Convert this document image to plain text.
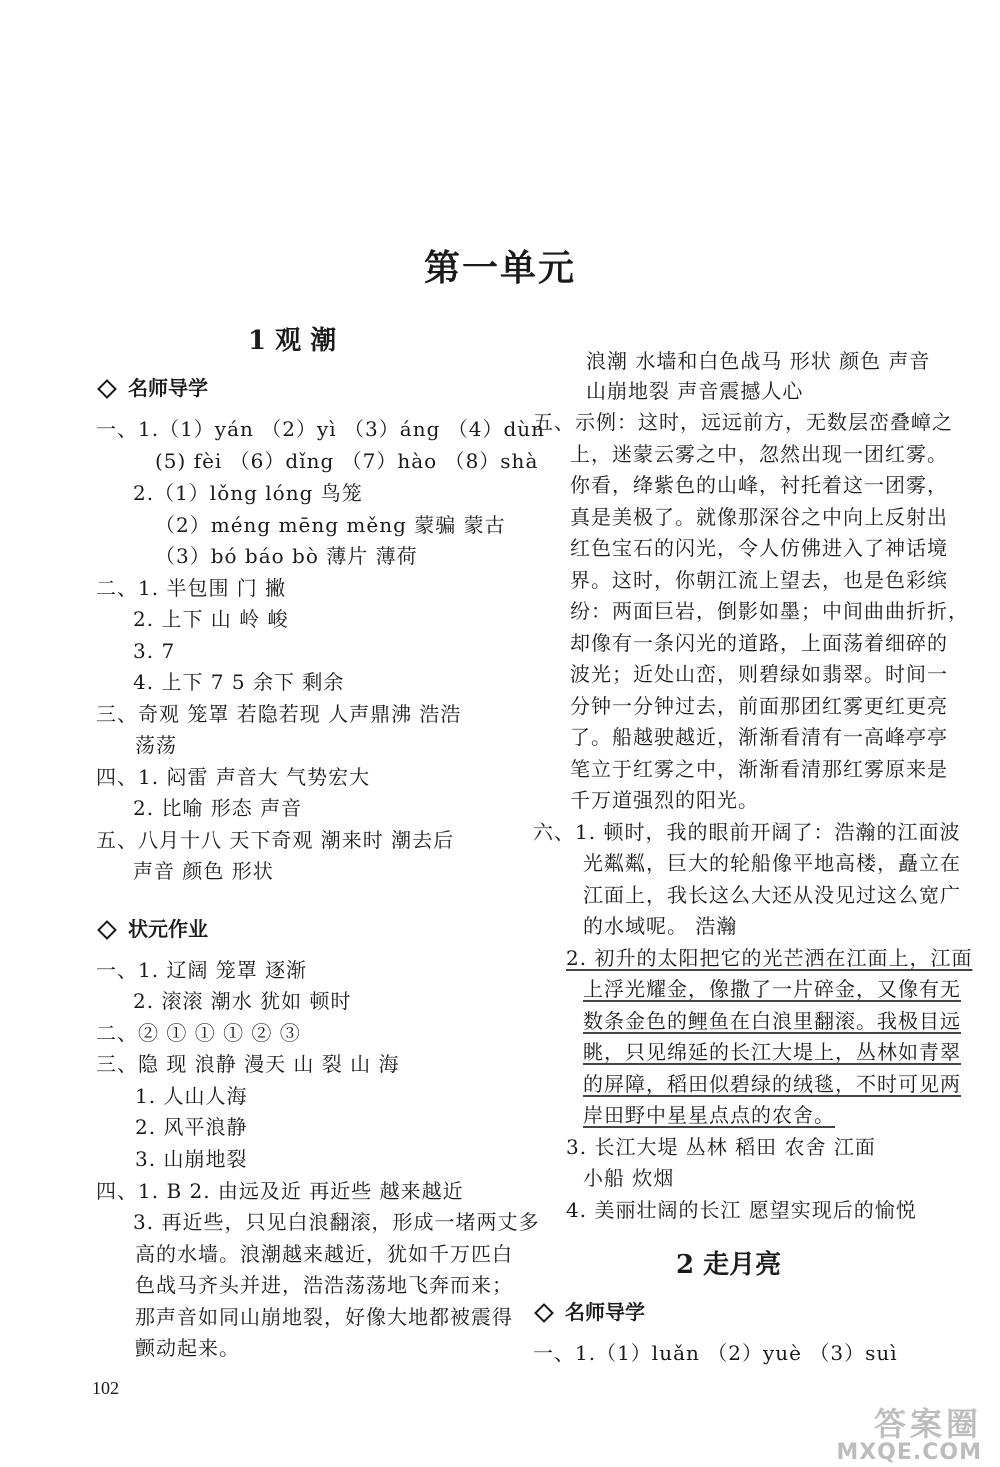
第一单元
1 观 潮
名师导学
一、1.（1）yán （2）yì （3）áng （4）dùn
(5) fèi （6）dǐng （7）hào （8）shà
2.（1）lǒng lóng 鸟笼
（2）méng mēng měng 蒙骗 蒙古
（3）bó báo bò 薄片 薄荷
二、1. 半包围 门 撇
2. 上下 山 岭 峻
3. 7
4. 上下 7 5 余下 剩余
三、奇观 笼罩 若隐若现 人声鼎沸 浩浩
荡荡
四、1. 闷雷 声音大 气势宏大
2. 比喻 形态 声音
五、八月十八 天下奇观 潮来时 潮去后
声音 颜色 形状
状元作业
一、1. 辽阔 笼罩 逐渐
2. 滚滚 潮水 犹如 顿时
二、② ① ① ① ② ③
三、隐 现 浪静 漫天 山 裂 山 海
1. 人山人海
2. 风平浪静
3. 山崩地裂
四、1. B 2. 由远及近 再近些 越来越近
3. 再近些，只见白浪翻滚，形成一堵两丈多
高的水墙。浪潮越来越近，犹如千万匹白
色战马齐头并进，浩浩荡荡地飞奔而来；
那声音如同山崩地裂，好像大地都被震得
颤动起来。
102
浪潮 水墙和白色战马 形状 颜色 声音
山崩地裂 声音震撼人心
五、示例：这时，远远前方，无数层峦叠嶂之
上，迷蒙云雾之中，忽然出现一团红雾。
你看，绛紫色的山峰，衬托着这一团雾，
真是美极了。就像那深谷之中向上反射出
红色宝石的闪光，令人仿佛进入了神话境
界。这时，你朝江流上望去，也是色彩缤
纷：两面巨岩，倒影如墨；中间曲曲折折，
却像有一条闪光的道路，上面荡着细碎的
波光；近处山峦，则碧绿如翡翠。时间一
分钟一分钟过去，前面那团红雾更红更亮
了。船越驶越近，渐渐看清有一高峰亭亭
笔立于红雾之中，渐渐看清那红雾原来是
千万道强烈的阳光。
六、1. 顿时，我的眼前开阔了：浩瀚的江面波
光粼粼，巨大的轮船像平地高楼，矗立在
江面上，我长这么大还从没见过这么宽广
的水域呢。 浩瀚
2. 初升的太阳把它的光芒洒在江面上，江面
上浮光耀金，像撒了一片碎金，又像有无
数条金色的鲤鱼在白浪里翻滚。我极目远
眺，只见绵延的长江大堤上，丛林如青翠
的屏障，稻田似碧绿的绒毯，不时可见两
岸田野中星星点点的农舍。
3. 长江大堤 丛林 稻田 农舍 江面
小船 炊烟
4. 美丽壮阔的长江 愿望实现后的愉悦
2 走月亮
名师导学
一、1.（1）luǎn （2）yuè （3）suì
答案圈
MXQE.COM
